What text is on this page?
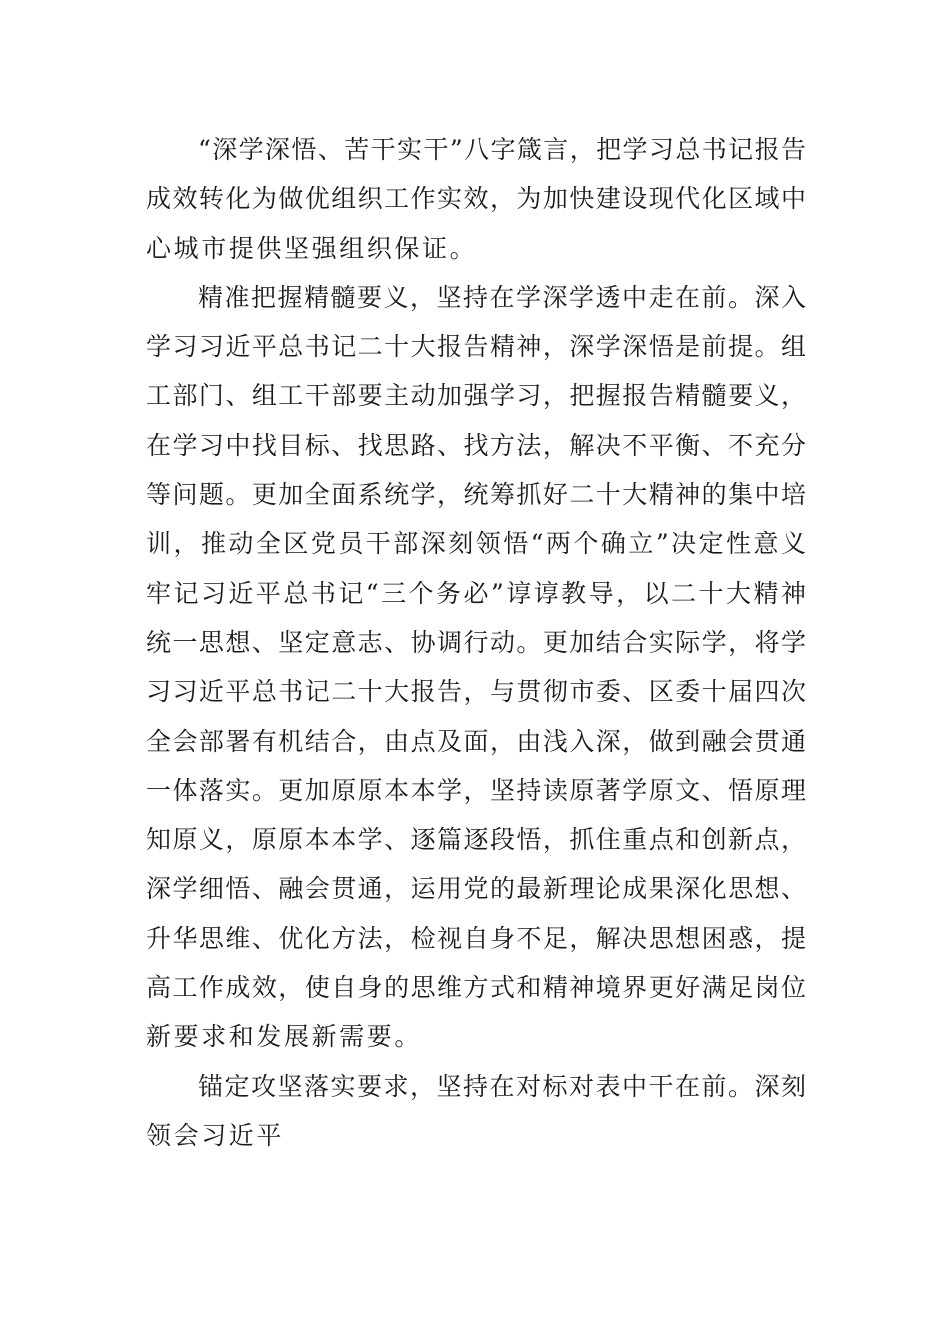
“深学深悟、苦干实干”八字箴言，把学习总书记报告
成效转化为做优组织工作实效，为加快建设现代化区域中
心城市提供坚强组织保证。
精准把握精髓要义，坚持在学深学透中走在前。深入
学习习近平总书记二十大报告精神，深学深悟是前提。组
工部门、组工干部要主动加强学习，把握报告精髓要义，
在学习中找目标、找思路、找方法，解决不平衡、不充分
等问题。更加全面系统学，统筹抓好二十大精神的集中培
训，推动全区党员干部深刻领悟“两个确立”决定性意义
牢记习近平总书记“三个务必”谆谆教导，以二十大精神
统一思想、坚定意志、协调行动。更加结合实际学，将学
习习近平总书记二十大报告，与贯彻市委、区委十届四次
全会部署有机结合，由点及面，由浅入深，做到融会贯通
一体落实。更加原原本本学，坚持读原著学原文、悟原理
知原义，原原本本学、逐篇逐段悟，抓住重点和创新点，
深学细悟、融会贯通，运用党的最新理论成果深化思想、
升华思维、优化方法，检视自身不足，解决思想困惑，提
高工作成效，使自身的思维方式和精神境界更好满足岗位
新要求和发展新需要。
锚定攻坚落实要求，坚持在对标对表中干在前。深刻
领会习近平
